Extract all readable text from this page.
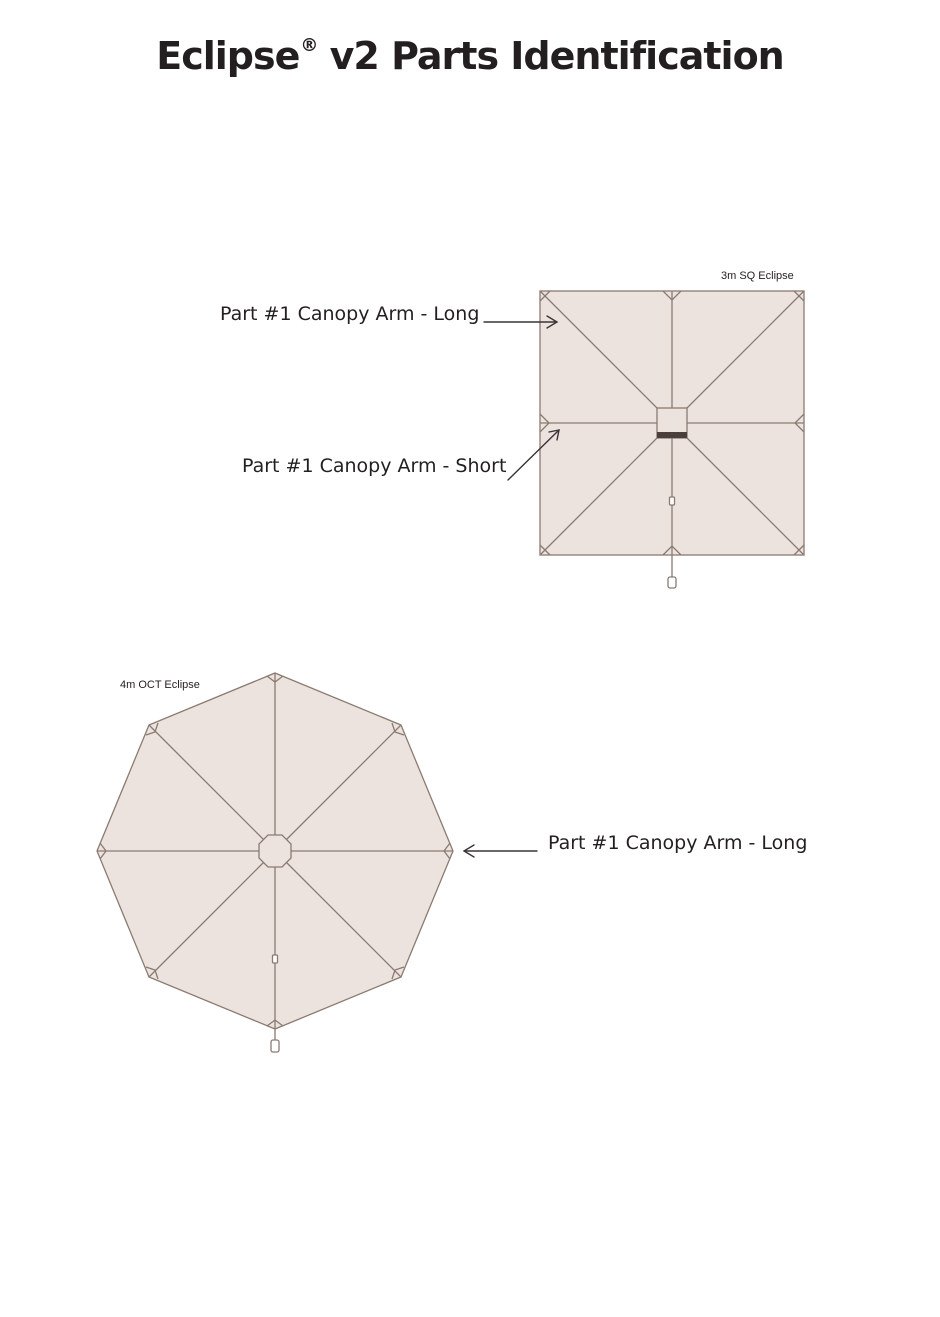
Eclipse® v2 Parts Identification
3m SQ Eclipse
Part #1 Canopy Arm - Long
Part #1 Canopy Arm - Short
4m OCT Eclipse
Part #1 Canopy Arm - Long
